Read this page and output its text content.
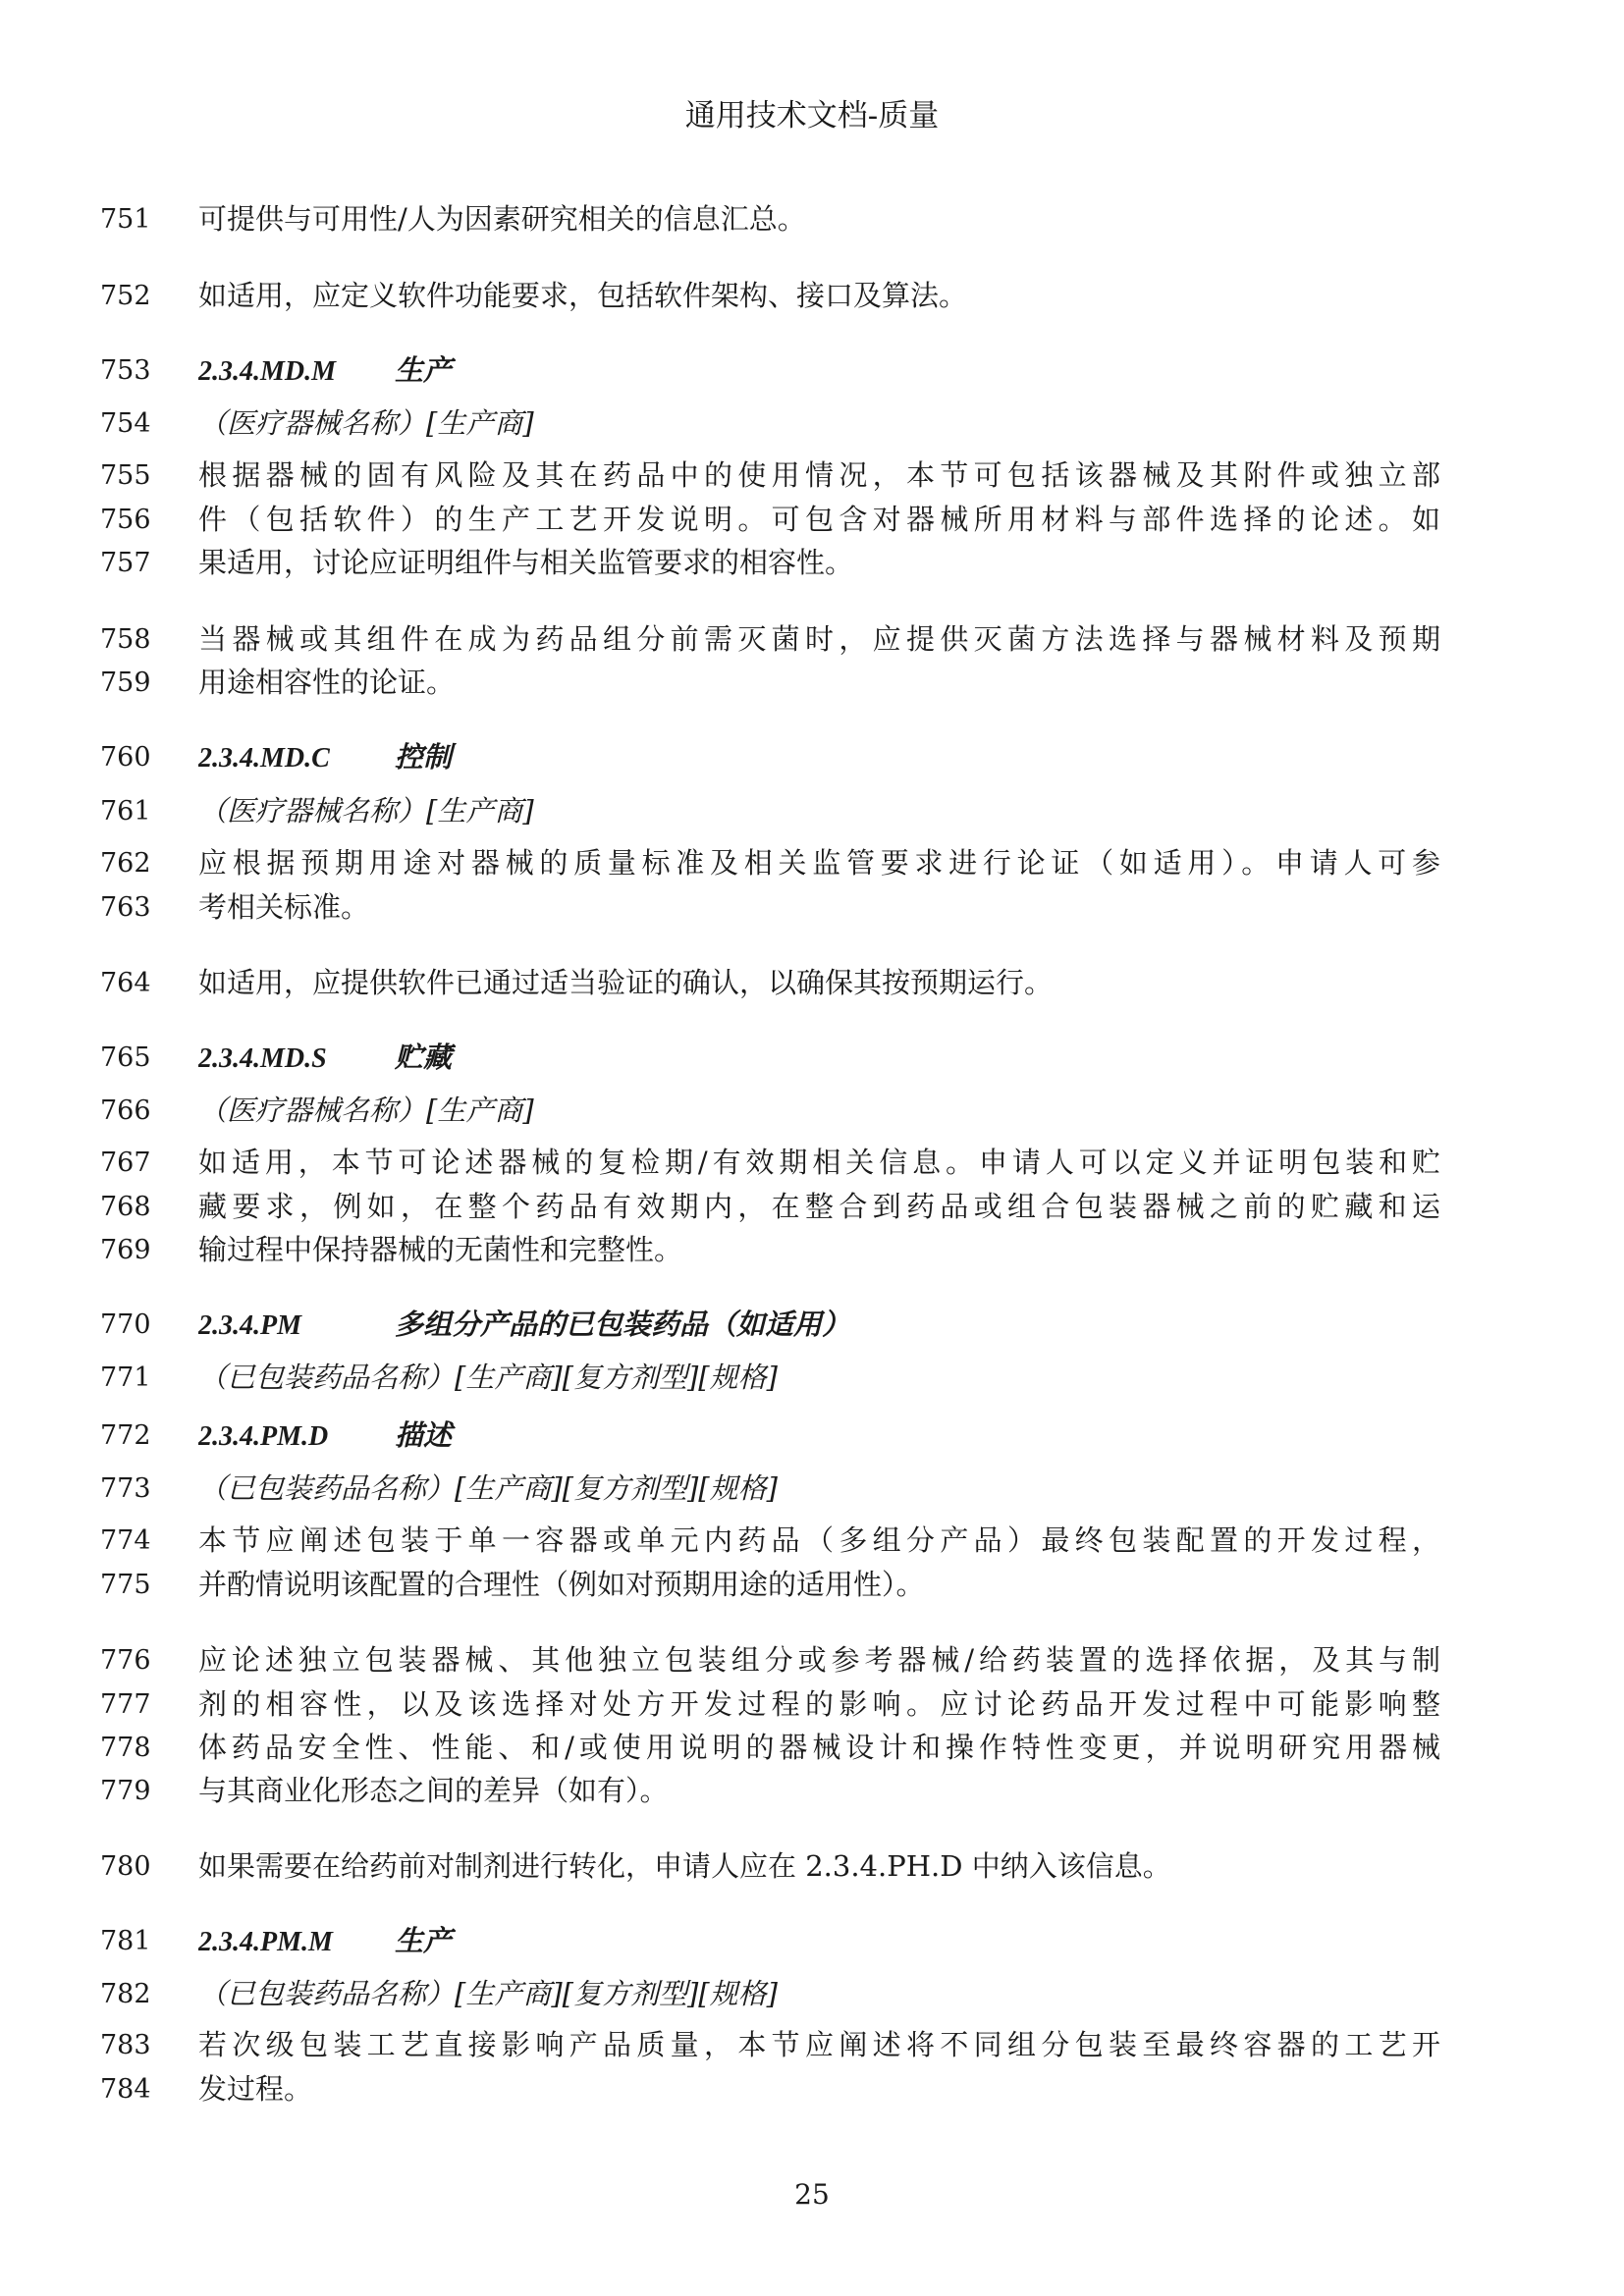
通用技术文档-质量
751 可提供与可用性/人为因素研究相关的信息汇总。
752 如适用，应定义软件功能要求，包括软件架构、接口及算法。
753 2.3.4.MD.M 生产
754 （医疗器械名称）[生产商]
755 根据器械的固有风险及其在药品中的使用情况，本节可包括该器械及其附件或独立部
756 件（包括软件）的生产工艺开发说明。可包含对器械所用材料与部件选择的论述。如
757 果适用，讨论应证明组件与相关监管要求的相容性。
758 当器械或其组件在成为药品组分前需灭菌时，应提供灭菌方法选择与器械材料及预期
759 用途相容性的论证。
760 2.3.4.MD.C 控制
761 （医疗器械名称）[生产商]
762 应根据预期用途对器械的质量标准及相关监管要求进行论证（如适用）。申请人可参
763 考相关标准。
764 如适用，应提供软件已通过适当验证的确认，以确保其按预期运行。
765 2.3.4.MD.S 贮藏
766 （医疗器械名称）[生产商]
767 如适用，本节可论述器械的复检期/有效期相关信息。申请人可以定义并证明包装和贮
768 藏要求，例如，在整个药品有效期内，在整合到药品或组合包装器械之前的贮藏和运
769 输过程中保持器械的无菌性和完整性。
770 2.3.4.PM	多组分产品的已包装药品（如适用）
771 （已包装药品名称）[生产商][复方剂型][规格]
772 2.3.4.PM.D 描述
773 （已包装药品名称）[生产商][复方剂型][规格]
774 本节应阐述包装于单一容器或单元内药品（多组分产品）最终包装配置的开发过程，
775 并酌情说明该配置的合理性（例如对预期用途的适用性）。
776 应论述独立包装器械、其他独立包装组分或参考器械/给药装置的选择依据，及其与制
777 剂的相容性，以及该选择对处方开发过程的影响。应讨论药品开发过程中可能影响整
778 体药品安全性、性能、和/或使用说明的器械设计和操作特性变更，并说明研究用器械
779 与其商业化形态之间的差异（如有）。
780 如果需要在给药前对制剂进行转化，申请人应在 2.3.4.PH.D 中纳入该信息。
781 2.3.4.PM.M 生产
782 （已包装药品名称）[生产商][复方剂型][规格]
783 若次级包装工艺直接影响产品质量，本节应阐述将不同组分包装至最终容器的工艺开
784 发过程。
25
